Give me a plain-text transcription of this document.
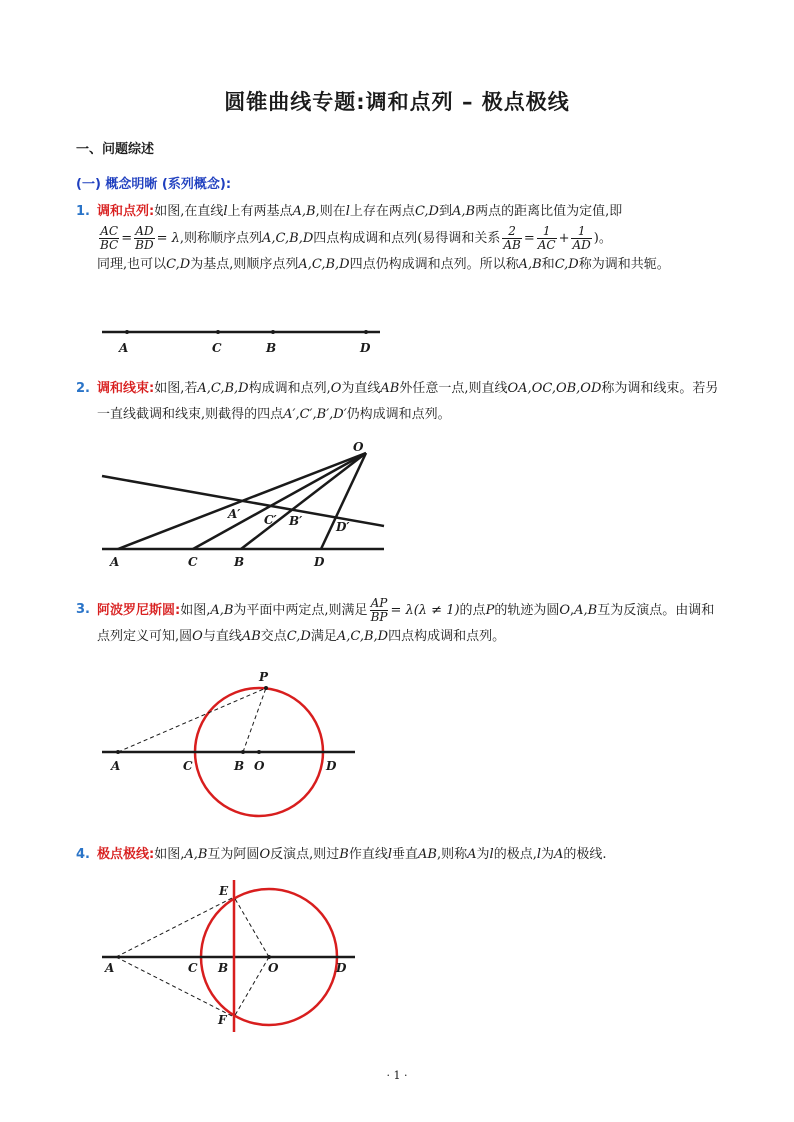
圆锥曲线专题:调和点列 – 极点极线
一、问题综述
(一) 概念明晰 (系列概念):
1. 调和点列:如图,在直线l上有两基点A,B,则在l上存在两点C,D到A,B两点的距离比值为定值,即

$\frac{AC}{BC} = \frac{AD}{BD} = \lambda$,则称顺序点列A,C,B,D四点构成调和点列(易得调和关系 $\frac{2}{AB} = \frac{1}{AC} + \frac{1}{AD}$ )。
同理,也可以C,D为基点,则顺序点列A,C,B,D四点仍构成调和点列。所以称A,B和C,D称为调和共轭。
A	C	B	D
2. 调和线束:如图,若A,C,B,D构成调和点列,O为直线AB外任意一点,则直线OA,OC,OB,OD称为调和线束。若另一直线截调和线束,则截得的四点A′,C′,B′,D′仍构成调和点列。
O
A′ C′ B′	D′
A	C	B	D
3. 阿波罗尼斯圆:如图,A,B为平面中两定点,则满足 $\frac{AP}{BP} = \lambda(\lambda \ne 1)$的点P的轨迹为圆O,A,B互为反演点。由调和点列定义可知,圆O与直线AB交点C,D满足A,C,B,D四点构成调和点列。
P
A	C	B O	D
4. 极点极线:如图,A,B互为阿圆O反演点,则过B作直线l垂直AB,则称A为l的极点,l为A的极线.
E
A	C B	O	D
F
· 1 ·
